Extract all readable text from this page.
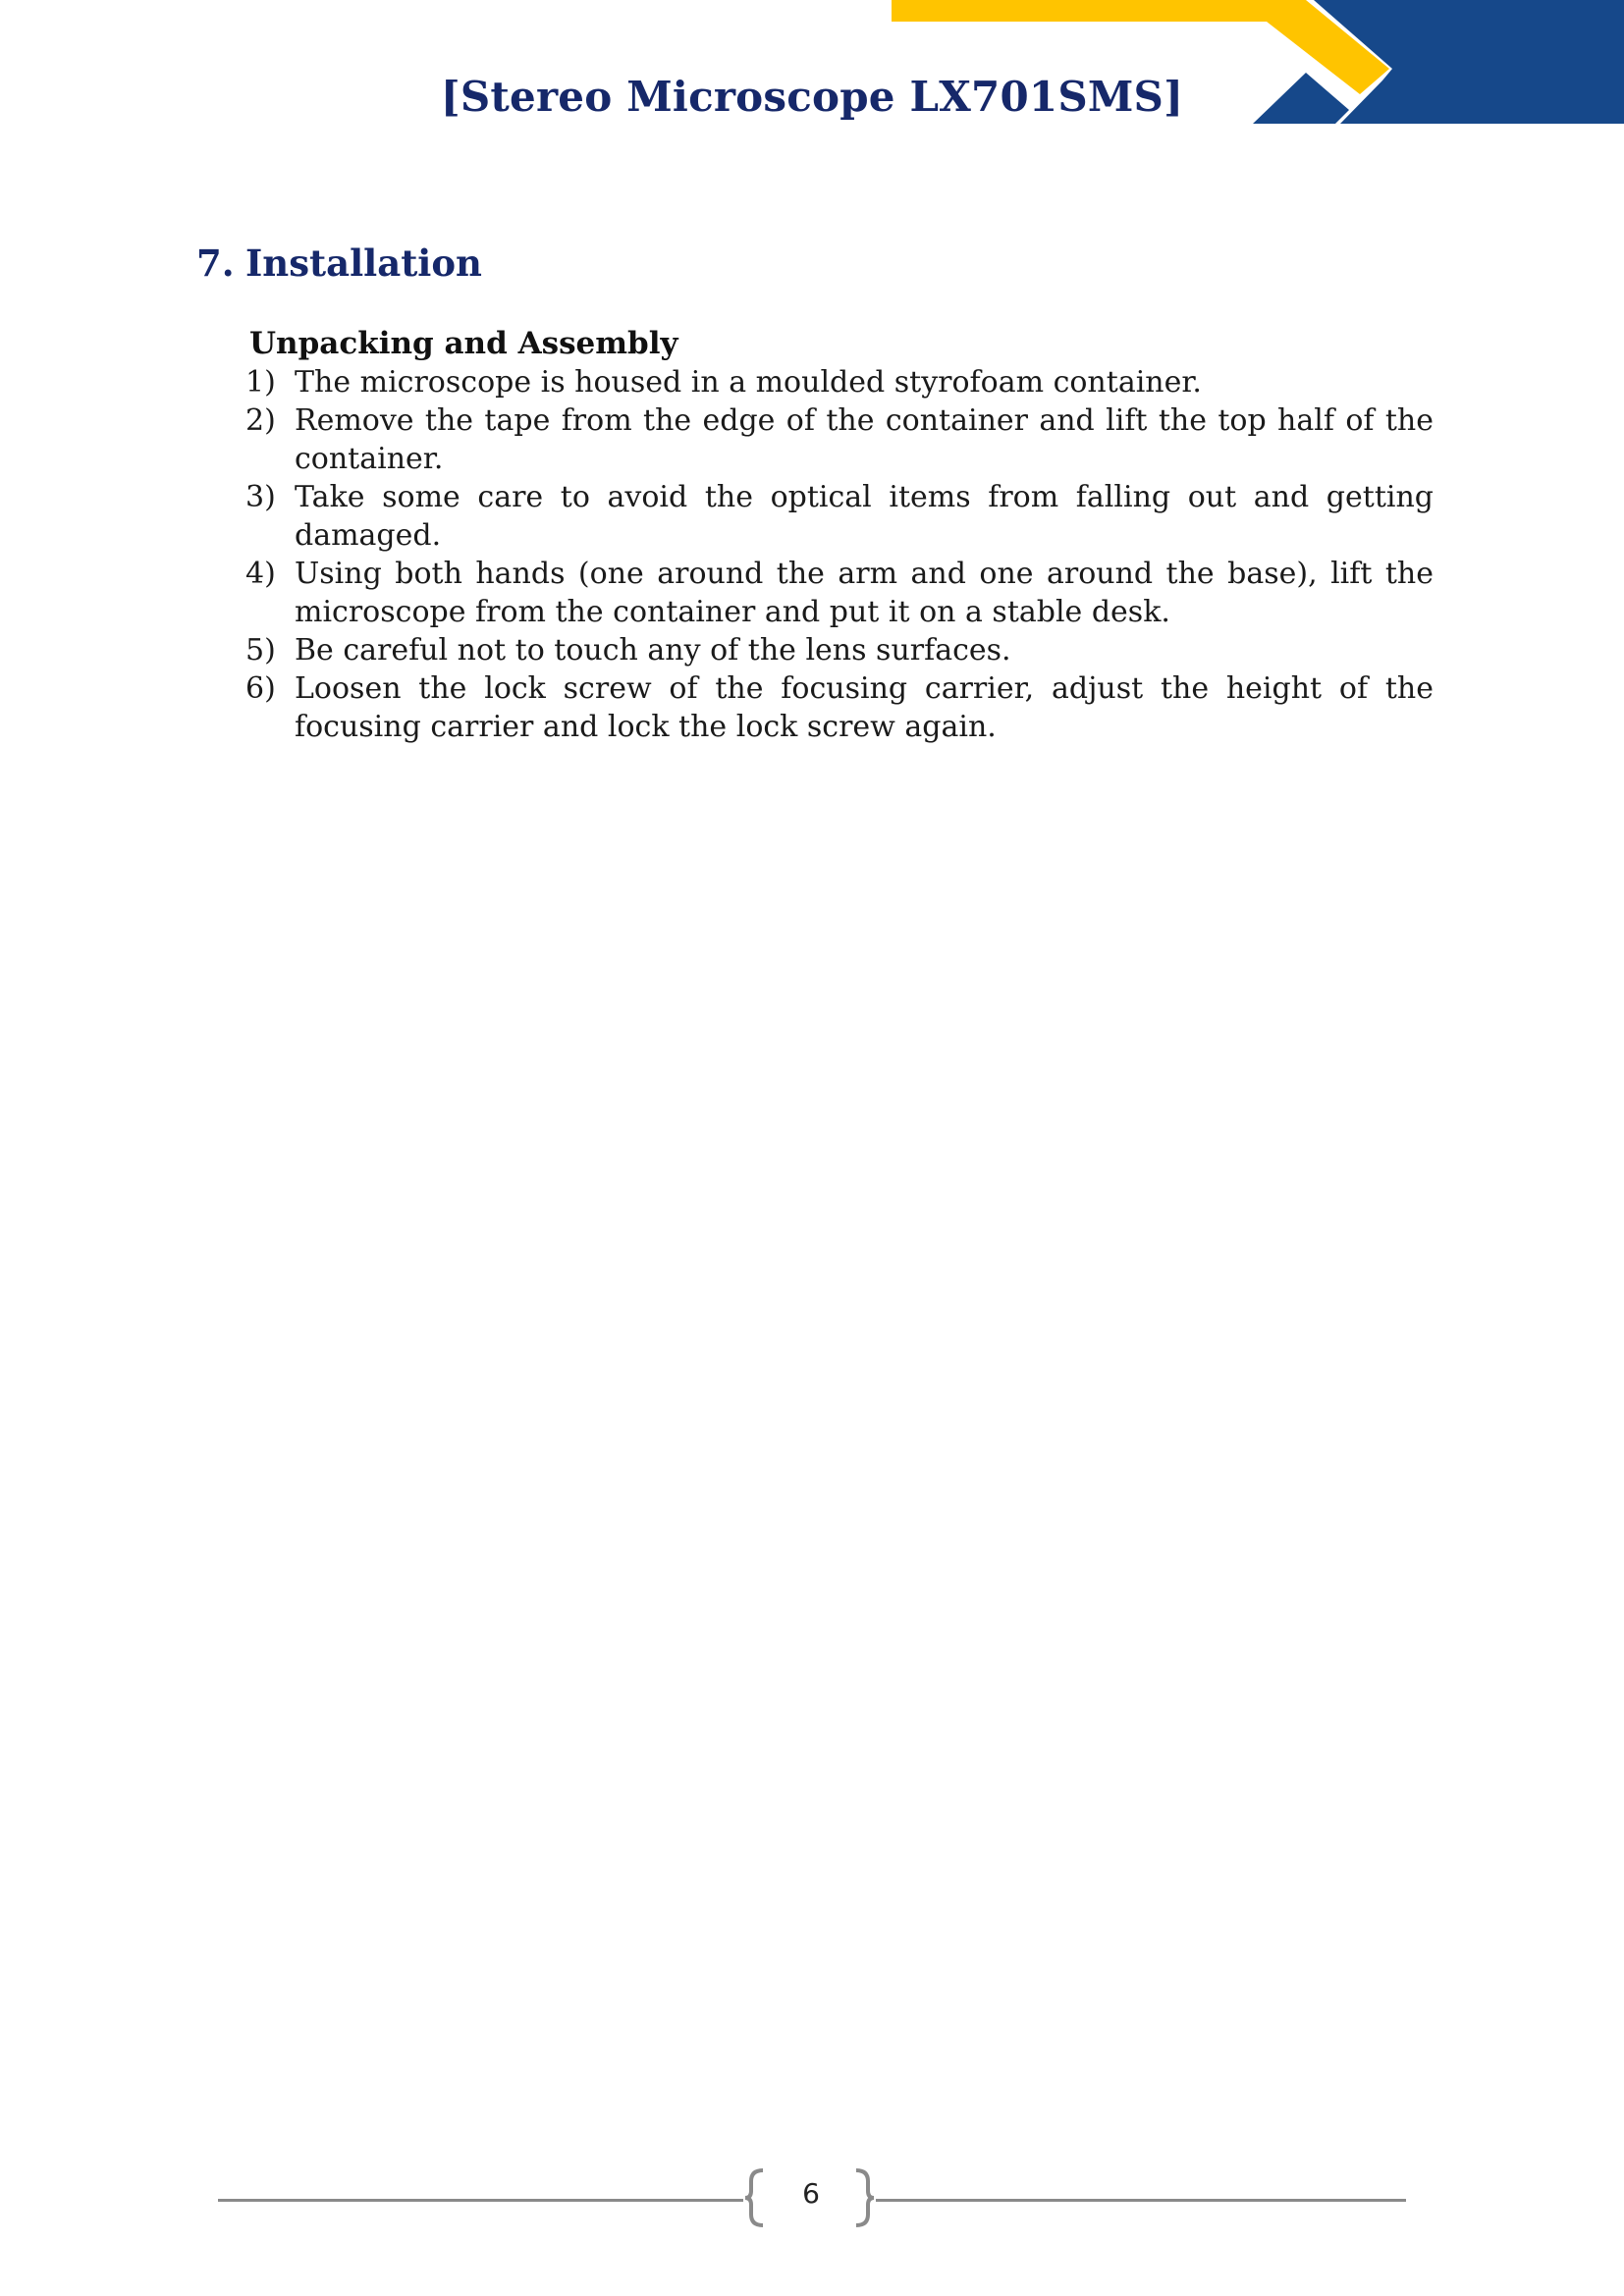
[Stereo Microscope LX701SMS]
7. Installation
Unpacking and Assembly
1) The microscope is housed in a moulded styrofoam container.
2) Remove the tape from the edge of the container and lift the top half of the container.
3) Take some care to avoid the optical items from falling out and getting damaged.
4) Using both hands (one around the arm and one around the base), lift the microscope from the container and put it on a stable desk.
5) Be careful not to touch any of the lens surfaces.
6) Loosen the lock screw of the focusing carrier, adjust the height of the focusing carrier and lock the lock screw again.
6
